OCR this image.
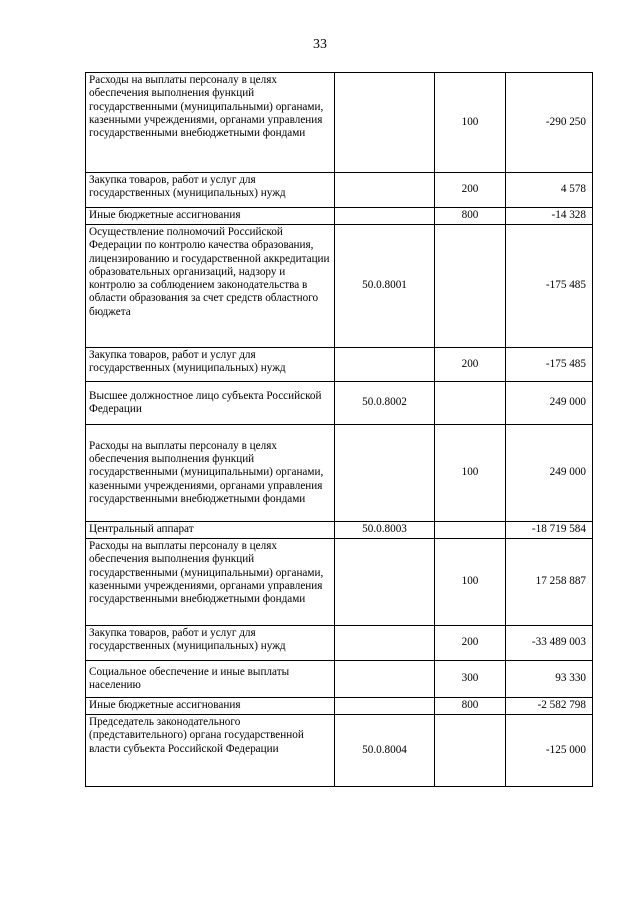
33
Расходы на выплаты персоналу в целях обеспечения выполнения функций государственными (муниципальными) органами, казенными учреждениями, органами управления государственными внебюджетными фондами		100	-290 250
Закупка товаров, работ и услуг для государственных (муниципальных) нужд		200	4 578
Иные бюджетные ассигнования		800	-14 328
Осуществление полномочий Российской Федерации по контролю качества образования, лицензированию и государственной аккредитации образовательных организаций, надзору и контролю за соблюдением законодательства в области образования за счет средств областного бюджета	50.0.8001		-175 485
Закупка товаров, работ и услуг для государственных (муниципальных) нужд		200	-175 485
Высшее должностное лицо субъекта Российской Федерации	50.0.8002		249 000
Расходы на выплаты персоналу в целях обеспечения выполнения функций государственными (муниципальными) органами, казенными учреждениями, органами управления государственными внебюджетными фондами		100	249 000
Центральный аппарат	50.0.8003		-18 719 584
Расходы на выплаты персоналу в целях обеспечения выполнения функций государственными (муниципальными) органами, казенными учреждениями, органами управления государственными внебюджетными фондами		100	17 258 887
Закупка товаров, работ и услуг для государственных (муниципальных) нужд		200	-33 489 003
Социальное обеспечение и иные выплаты населению		300	93 330
Иные бюджетные ассигнования		800	-2 582 798
Председатель законодательного (представительного) органа государственной власти субъекта Российской Федерации	50.0.8004		-125 000
